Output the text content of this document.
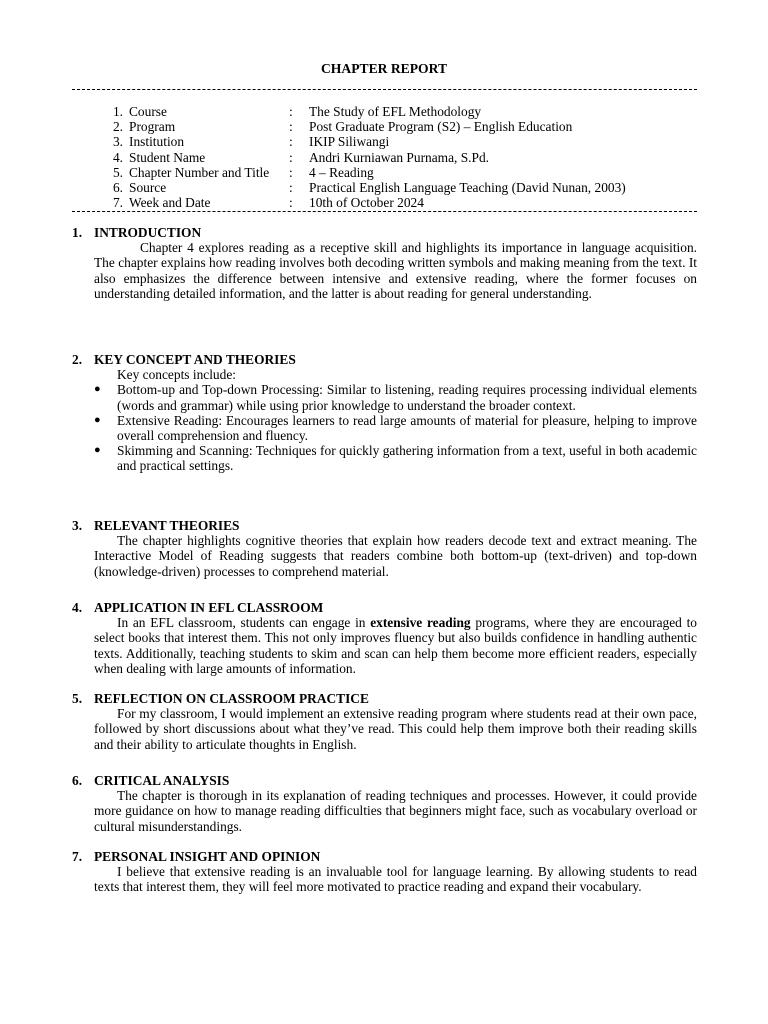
CHAPTER REPORT
1.		Course	:	The Study of EFL Methodology
2.		Program	:	Post Graduate Program (S2) – English Education
3.		Institution	:	IKIP Siliwangi
4.		Student Name	:	Andri Kurniawan Purnama, S.Pd.
5.		Chapter Number and Title	:	4 – Reading
6.		Source	:	Practical English Language Teaching (David Nunan, 2003)
7.		Week and Date	:	10th of October 2024
1. INTRODUCTION
Chapter 4 explores reading as a receptive skill and highlights its importance in language acquisition. The chapter explains how reading involves both decoding written symbols and making meaning from the text. It also emphasizes the difference between intensive and extensive reading, where the former focuses on understanding detailed information, and the latter is about reading for general understanding.
2. KEY CONCEPT AND THEORIES
Key concepts include:
● Bottom-up and Top-down Processing: Similar to listening, reading requires processing individual elements (words and grammar) while using prior knowledge to understand the broader context.
● Extensive Reading: Encourages learners to read large amounts of material for pleasure, helping to improve overall comprehension and fluency.
● Skimming and Scanning: Techniques for quickly gathering information from a text, useful in both academic and practical settings.
3. RELEVANT THEORIES
The chapter highlights cognitive theories that explain how readers decode text and extract meaning. The Interactive Model of Reading suggests that readers combine both bottom-up (text-driven) and top-down (knowledge-driven) processes to comprehend material.
4. APPLICATION IN EFL CLASSROOM
In an EFL classroom, students can engage in extensive reading programs, where they are encouraged to select books that interest them. This not only improves fluency but also builds confidence in handling authentic texts. Additionally, teaching students to skim and scan can help them become more efficient readers, especially when dealing with large amounts of information.
5. REFLECTION ON CLASSROOM PRACTICE
For my classroom, I would implement an extensive reading program where students read at their own pace, followed by short discussions about what they’ve read. This could help them improve both their reading skills and their ability to articulate thoughts in English.
6. CRITICAL ANALYSIS
The chapter is thorough in its explanation of reading techniques and processes. However, it could provide more guidance on how to manage reading difficulties that beginners might face, such as vocabulary overload or cultural misunderstandings.
7. PERSONAL INSIGHT AND OPINION
I believe that extensive reading is an invaluable tool for language learning. By allowing students to read texts that interest them, they will feel more motivated to practice reading and expand their vocabulary.
